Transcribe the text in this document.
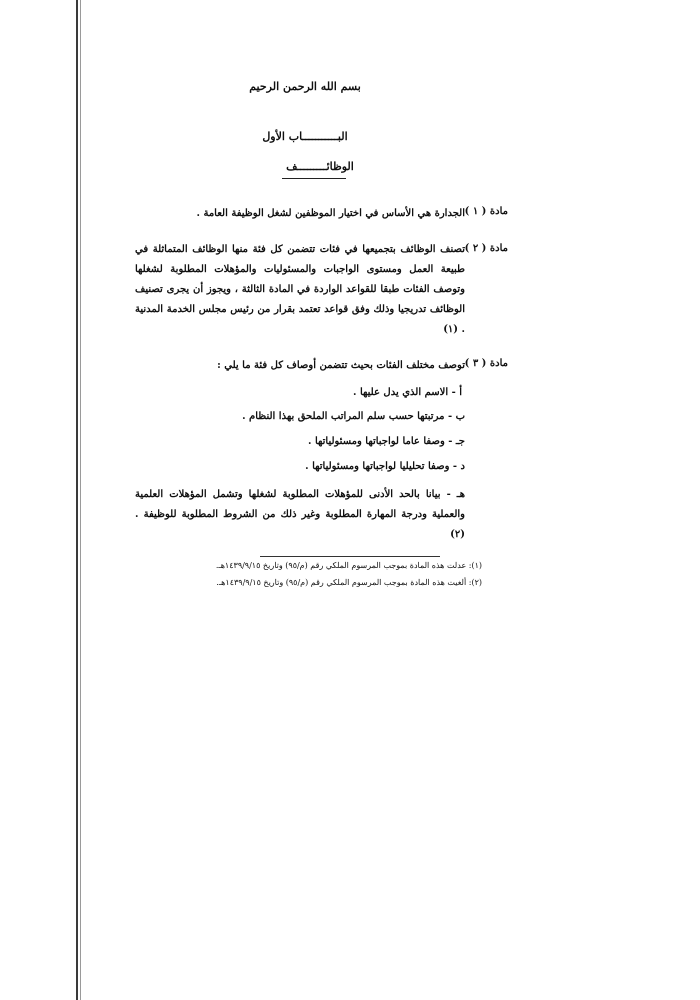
بسم الله الرحمن الرحيم
البـــــــــــاب الأول
الوظائـــــــــف
مادة ( ١ )
الجدارة هي الأساس في اختيار الموظفين لشغل الوظيفة العامة .
مادة ( ٢ )
تصنف الوظائف بتجميعها في فئات تتضمن كل فئة منها الوظائف المتماثلة في طبيعة العمل ومستوى الواجبات والمسئوليات والمؤهلات المطلوبة لشغلها وتوصف الفئات طبقا للقواعد الواردة في المادة الثالثة ، ويجوز أن يجرى تصنيف الوظائف تدريجيا وذلك وفق قواعد تعتمد بقرار من رئيس مجلس الخدمة المدنية . (١)
مادة ( ٣ )
توصف مختلف الفئات بحيث تتضمن أوصاف كل فئة ما يلي :
أ - الاسم الذي يدل عليها .
ب - مرتبتها حسب سلم المراتب الملحق بهذا النظام .
جـ - وصفا عاما لواجباتها ومسئولياتها .
د - وصفا تحليليا لواجباتها ومسئولياتها .
هـ - بيانا بالحد الأدنى للمؤهلات المطلوبة لشغلها وتشمل المؤهلات العلمية والعملية ودرجة المهارة المطلوبة وغير ذلك من الشروط المطلوبة للوظيفة . (٢)
(١): عدلت هذه المادة بموجب المرسوم الملكي رقم (م/٩٥) وتاريخ ١٤٣٩/٩/١٥هـ.
(٢): ألغيت هذه المادة بموجب المرسوم الملكي رقم (م/٩٥) وتاريخ ١٤٣٩/٩/١٥هـ.
